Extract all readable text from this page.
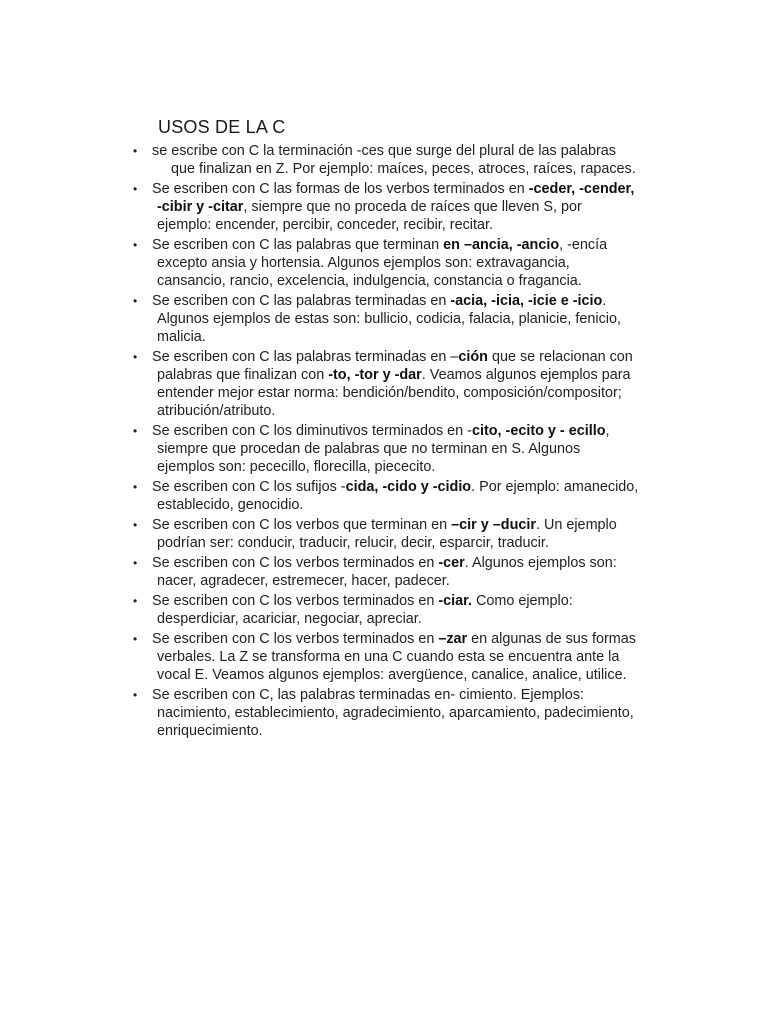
USOS DE LA C
• se escribe con C la terminación -ces que surge del plural de las palabras
que finalizan en Z. Por ejemplo: maíces, peces, atroces, raíces, rapaces.
• Se escriben con C las formas de los verbos terminados en -ceder, -cender,
-cibir y -citar, siempre que no proceda de raíces que lleven S, por
ejemplo: encender, percibir, conceder, recibir, recitar.
• Se escriben con C las palabras que terminan en –ancia, -ancio, -encía
excepto ansia y hortensia. Algunos ejemplos son: extravagancia,
cansancio, rancio, excelencia, indulgencia, constancia o fragancia.
• Se escriben con C las palabras terminadas en -acia, -icia, -icie e -icio.
Algunos ejemplos de estas son: bullicio, codicia, falacia, planicie, fenicio,
malicia.
• Se escriben con C las palabras terminadas en –ción que se relacionan con
palabras que finalizan con -to, -tor y -dar. Veamos algunos ejemplos para
entender mejor estar norma: bendición/bendito, composición/compositor;
atribución/atributo.
• Se escriben con C los diminutivos terminados en -cito, -ecito y - ecillo,
siempre que procedan de palabras que no terminan en S. Algunos
ejemplos son: pececillo, florecilla, piececito.
• Se escriben con C los sufijos -cida, -cido y -cidio. Por ejemplo: amanecido,
establecido, genocidio.
• Se escriben con C los verbos que terminan en –cir y –ducir. Un ejemplo
podrían ser: conducir, traducir, relucir, decir, esparcir, traducir.
• Se escriben con C los verbos terminados en -cer. Algunos ejemplos son:
nacer, agradecer, estremecer, hacer, padecer.
• Se escriben con C los verbos terminados en -ciar. Como ejemplo:
desperdiciar, acariciar, negociar, apreciar.
• Se escriben con C los verbos terminados en –zar en algunas de sus formas
verbales. La Z se transforma en una C cuando esta se encuentra ante la
vocal E. Veamos algunos ejemplos: avergüence, canalice, analice, utilice.
• Se escriben con C, las palabras terminadas en- cimiento. Ejemplos:
nacimiento, establecimiento, agradecimiento, aparcamiento, padecimiento,
enriquecimiento.
